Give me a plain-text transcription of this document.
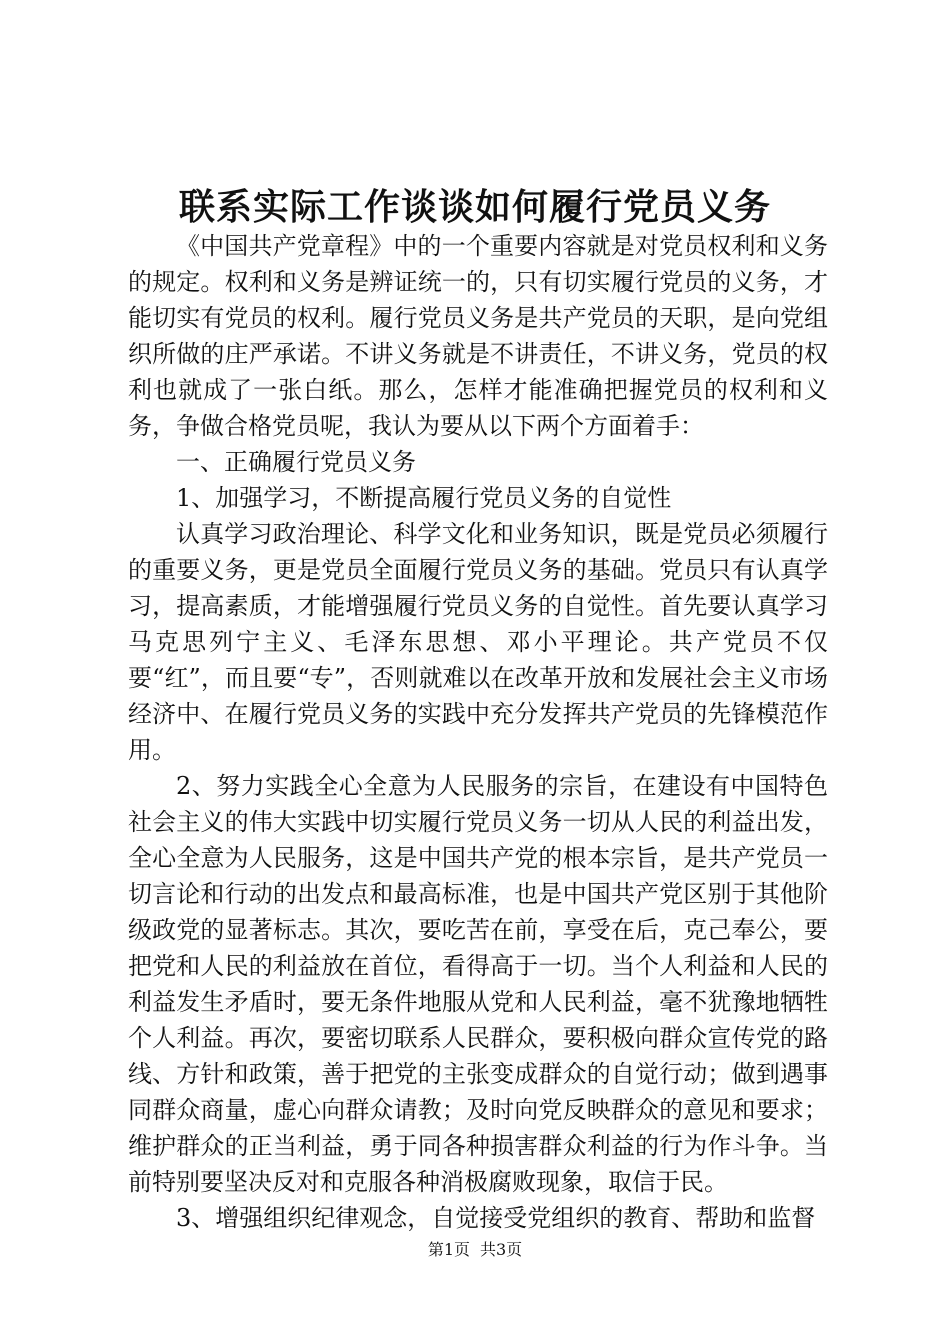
联系实际工作谈谈如何履行党员义务

《中国共产党章程》中的一个重要内容就是对党员权利和义务的规定。权利和义务是辨证统一的，只有切实履行党员的义务，才能切实有党员的权利。履行党员义务是共产党员的天职，是向党组织所做的庄严承诺。不讲义务就是不讲责任，不讲义务，党员的权利也就成了一张白纸。那么，怎样才能准确把握党员的权利和义务，争做合格党员呢，我认为要从以下两个方面着手：

一、正确履行党员义务

1、加强学习，不断提高履行党员义务的自觉性

认真学习政治理论、科学文化和业务知识，既是党员必须履行的重要义务，更是党员全面履行党员义务的基础。党员只有认真学习，提高素质，才能增强履行党员义务的自觉性。首先要认真学习马克思列宁主义、毛泽东思想、邓小平理论。共产党员不仅要“红”，而且要“专”，否则就难以在改革开放和发展社会主义市场经济中、在履行党员义务的实践中充分发挥共产党员的先锋模范作用。

2、努力实践全心全意为人民服务的宗旨，在建设有中国特色社会主义的伟大实践中切实履行党员义务一切从人民的利益出发，全心全意为人民服务，这是中国共产党的根本宗旨，是共产党员一切言论和行动的出发点和最高标准，也是中国共产党区别于其他阶级政党的显著标志。其次，要吃苦在前，享受在后，克己奉公，要把党和人民的利益放在首位，看得高于一切。当个人利益和人民的利益发生矛盾时，要无条件地服从党和人民利益，毫不犹豫地牺牲个人利益。再次，要密切联系人民群众，要积极向群众宣传党的路线、方针和政策，善于把党的主张变成群众的自觉行动；做到遇事同群众商量，虚心向群众请教；及时向党反映群众的意见和要求；维护群众的正当利益，勇于同各种损害群众利益的行为作斗争。当前特别要坚决反对和克服各种消极腐败现象，取信于民。

3、增强组织纪律观念，自觉接受党组织的教育、帮助和监督

第1页 共3页
